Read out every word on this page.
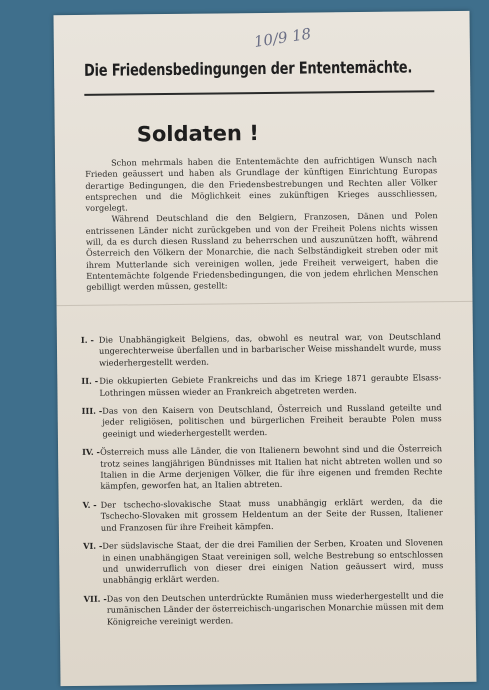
10/9 18
Die Friedensbedingungen der Ententemächte.
Soldaten !

Schon mehrmals haben die Ententemächte den aufrichtigen Wunsch nach Frieden geäussert und haben als Grundlage der künftigen Einrichtung Europas derartige Bedingungen, die den Friedensbestrebungen und Rechten aller Völker entsprechen und die Möglichkeit eines zukünftigen Krieges ausschliessen, vorgelegt.

Während Deutschland die den Belgiern, Franzosen, Dänen und Polen entrissenen Länder nicht zurückgeben und von der Freiheit Polens nichts wissen will, da es durch diesen Russland zu beherrschen und auszunützen hofft, während Österreich den Völkern der Monarchie, die nach Selbständigkeit streben oder mit ihrem Mutterlande sich vereinigen wollen, jede Freiheit verweigert, haben die Ententemächte folgende Friedensbedingungen, die von jedem ehrlichen Menschen gebilligt werden müssen, gestellt:

I. - Die Unabhängigkeit Belgiens, das, obwohl es neutral war, von Deutschland ungerechterweise überfallen und in barbarischer Weise misshandelt wurde, muss wiederhergestellt werden.
II. - Die okkupierten Gebiete Frankreichs und das im Kriege 1871 geraubte Elsass-Lothringen müssen wieder an Frankreich abgetreten werden.
III. - Das von den Kaisern von Deutschland, Österreich und Russland geteilte und jeder religiösen, politischen und bürgerlichen Freiheit beraubte Polen muss geeinigt und wiederhergestellt werden.
IV. - Österreich muss alle Länder, die von Italienern bewohnt sind und die Österreich trotz seines langjährigen Bündnisses mit Italien hat nicht abtreten wollen und so Italien in die Arme derjenigen Völker, die für ihre eigenen und fremden Rechte kämpfen, geworfen hat, an Italien abtreten.
V. - Der tschecho-slovakische Staat muss unabhängig erklärt werden, da die Tschecho-Slovaken mit grossem Heldentum an der Seite der Russen, Italiener und Franzosen für ihre Freiheit kämpfen.
VI. - Der südslavische Staat, der die drei Familien der Serben, Kroaten und Slovenen in einen unabhängigen Staat vereinigen soll, welche Bestrebung so entschlossen und unwiderruflich von dieser drei einigen Nation geäussert wird, muss unabhängig erklärt werden.
VII. - Das von den Deutschen unterdrückte Rumänien muss wiederhergestellt und die rumänischen Länder der österreichisch-ungarischen Monarchie müssen mit dem Königreiche vereinigt werden.
